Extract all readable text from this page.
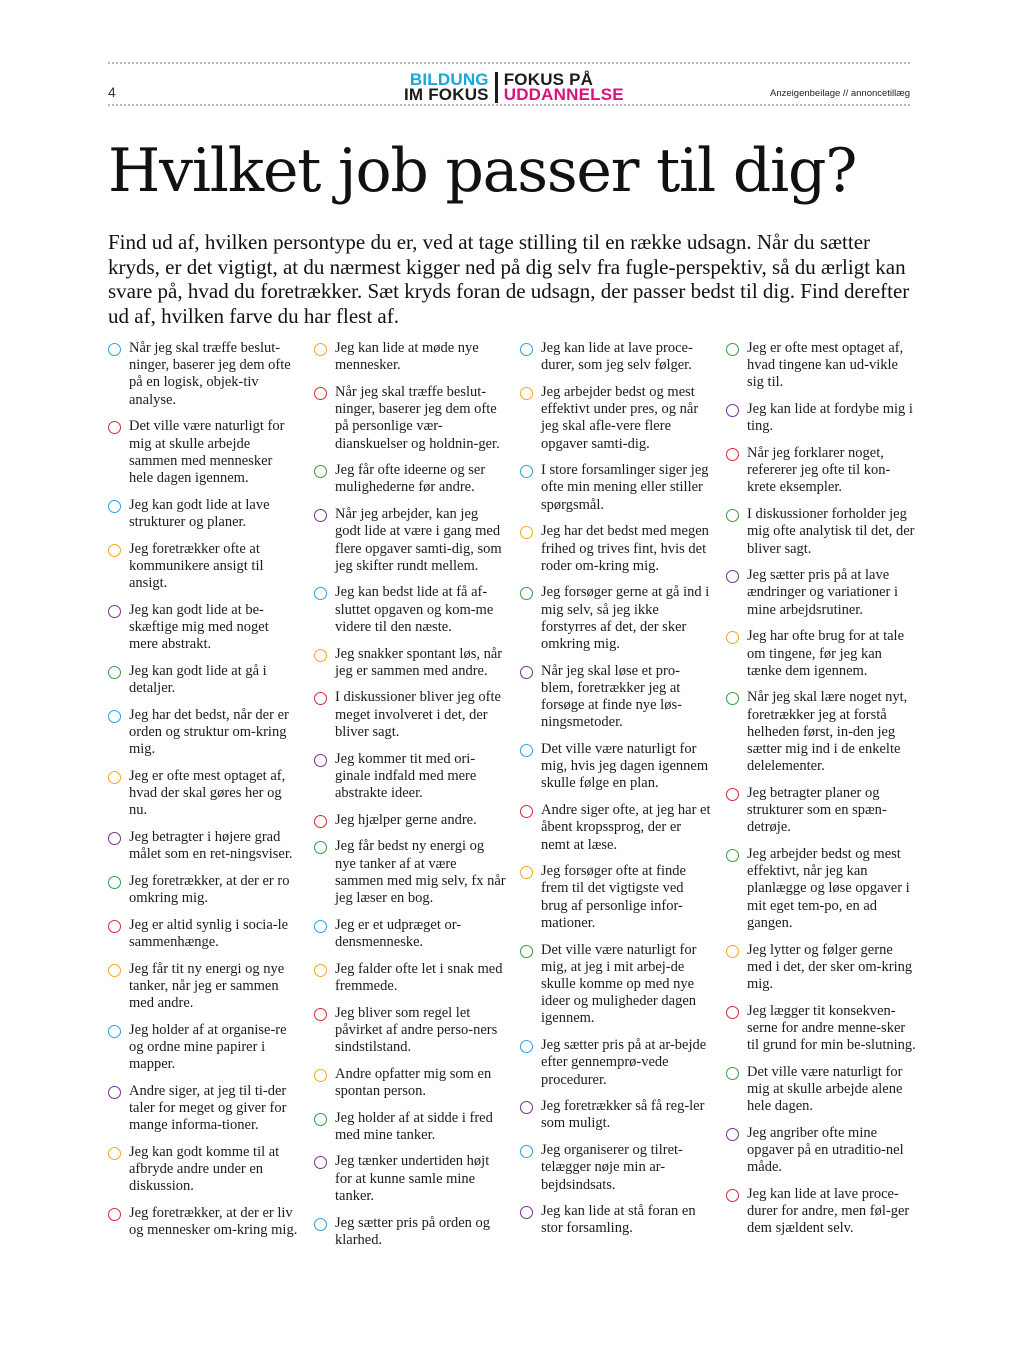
4
BILDUNG
IM FOKUS
FOKUS PÅ
UDDANNELSE	Anzeigenbeilage // annoncetillæg
Hvilket job passer til dig?

Find ud af, hvilken persontype du er, ved at tage stilling til en række udsagn. Når du sætter kryds, er det vigtigt, at du nærmest kigger ned på dig selv fra fugle-perspektiv, så du ærligt kan svare på, hvad du foretrækker. Sæt kryds foran de udsagn, der passer bedst til dig. Find derefter ud af, hvilken farve du har flest af.

Når jeg skal træffe beslut-ninger, baserer jeg dem ofte på en logisk, objek-tiv analyse.
Det ville være naturligt for mig at skulle arbejde sammen med mennesker hele dagen igennem.
Jeg kan godt lide at lave strukturer og planer.
Jeg foretrækker ofte at kommunikere ansigt til ansigt.
Jeg kan godt lide at be-skæftige mig med noget mere abstrakt.
Jeg kan godt lide at gå i detaljer.
Jeg har det bedst, når der er orden og struktur om-kring mig.
Jeg er ofte mest optaget af, hvad der skal gøres her og nu.
Jeg betragter i højere grad målet som en ret-ningsviser.
Jeg foretrækker, at der er ro omkring mig.
Jeg er altid synlig i socia-le sammenhænge.
Jeg får tit ny energi og nye tanker, når jeg er sammen med andre.
Jeg holder af at organise-re og ordne mine papirer i mapper.
Andre siger, at jeg til ti-der taler for meget og giver for mange informa-tioner.
Jeg kan godt komme til at afbryde andre under en diskussion.
Jeg foretrækker, at der er liv og mennesker om-kring mig.
Jeg kan lide at møde nye mennesker.
Når jeg skal træffe beslut-ninger, baserer jeg dem ofte på personlige vær-dianskuelser og holdnin-ger.
Jeg får ofte ideerne og ser mulighederne før andre.
Når jeg arbejder, kan jeg godt lide at være i gang med flere opgaver samti-dig, som jeg skifter rundt mellem.
Jeg kan bedst lide at få af-sluttet opgaven og kom-me videre til den næste.
Jeg snakker spontant løs, når jeg er sammen med andre.
I diskussioner bliver jeg ofte meget involveret i det, der bliver sagt.
Jeg kommer tit med ori-ginale indfald med mere abstrakte ideer.
Jeg hjælper gerne andre.
Jeg får bedst ny energi og nye tanker af at være sammen med mig selv, fx når jeg læser en bog.
Jeg er et udpræget or-densmenneske.
Jeg falder ofte let i snak med fremmede.
Jeg bliver som regel let påvirket af andre perso-ners sindstilstand.
Andre opfatter mig som en spontan person.
Jeg holder af at sidde i fred med mine tanker.
Jeg tænker undertiden højt for at kunne samle mine tanker.
Jeg sætter pris på orden og klarhed.
Jeg kan lide at lave proce-durer, som jeg selv følger.
Jeg arbejder bedst og mest effektivt under pres, og når jeg skal afle-vere flere opgaver samti-dig.
I store forsamlinger siger jeg ofte min mening eller stiller spørgsmål.
Jeg har det bedst med megen frihed og trives fint, hvis det roder om-kring mig.
Jeg forsøger gerne at gå ind i mig selv, så jeg ikke forstyrres af det, der sker omkring mig.
Når jeg skal løse et pro-blem, foretrækker jeg at forsøge at finde nye løs-ningsmetoder.
Det ville være naturligt for mig, hvis jeg dagen igennem skulle følge en plan.
Andre siger ofte, at jeg har et åbent kropssprog, der er nemt at læse.
Jeg forsøger ofte at finde frem til det vigtigste ved brug af personlige infor-mationer.
Det ville være naturligt for mig, at jeg i mit arbej-de skulle komme op med nye ideer og muligheder dagen igennem.
Jeg sætter pris på at ar-bejde efter gennemprø-vede procedurer.
Jeg foretrækker så få reg-ler som muligt.
Jeg organiserer og tilret-telægger nøje min ar-bejdsindsats.
Jeg kan lide at stå foran en stor forsamling.
Jeg er ofte mest optaget af, hvad tingene kan ud-vikle sig til.
Jeg kan lide at fordybe mig i ting.
Når jeg forklarer noget, refererer jeg ofte til kon-krete eksempler.
I diskussioner forholder jeg mig ofte analytisk til det, der bliver sagt.
Jeg sætter pris på at lave ændringer og variationer i mine arbejdsrutiner.
Jeg har ofte brug for at tale om tingene, før jeg kan tænke dem igennem.
Når jeg skal lære noget nyt, foretrækker jeg at forstå helheden først, in-den jeg sætter mig ind i de enkelte delelementer.
Jeg betragter planer og strukturer som en spæn-detrøje.
Jeg arbejder bedst og mest effektivt, når jeg kan planlægge og løse opgaver i mit eget tem-po, en ad gangen.
Jeg lytter og følger gerne med i det, der sker om-kring mig.
Jeg lægger tit konsekven-serne for andre menne-sker til grund for min be-slutning.
Det ville være naturligt for mig at skulle arbejde alene hele dagen.
Jeg angriber ofte mine opgaver på en utraditio-nel måde.
Jeg kan lide at lave proce-durer for andre, men føl-ger dem sjældent selv.
